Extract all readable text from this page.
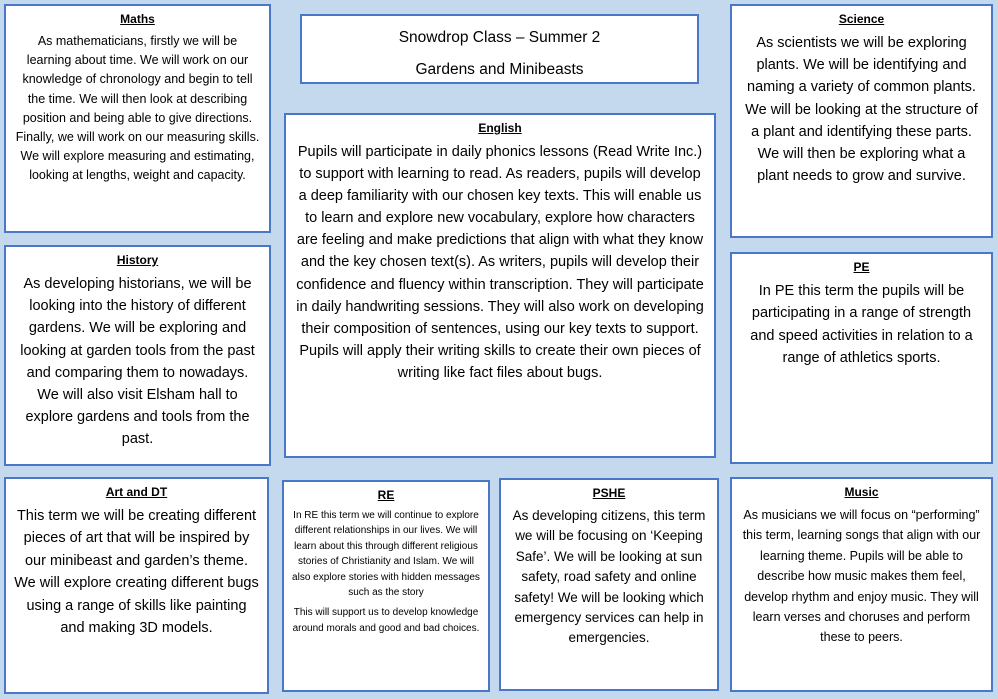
Maths
As mathematicians, firstly we will be learning about time. We will work on our knowledge of chronology and begin to tell the time. We will then look at describing position and being able to give directions. Finally, we will work on our measuring skills. We will explore measuring and estimating, looking at lengths, weight and capacity.
Snowdrop Class – Summer 2
Gardens and Minibeasts
Science
As scientists we will be exploring plants. We will be identifying and naming a variety of common plants. We will be looking at the structure of a plant and identifying these parts. We will then be exploring what a plant needs to grow and survive.
English
Pupils will participate in daily phonics lessons (Read Write Inc.) to support with learning to read. As readers, pupils will develop a deep familiarity with our chosen key texts. This will enable us to learn and explore new vocabulary, explore how characters are feeling and make predictions that align with what they know and the key chosen text(s). As writers, pupils will develop their confidence and fluency within transcription. They will participate in daily handwriting sessions. They will also work on developing their composition of sentences, using our key texts to support. Pupils will apply their writing skills to create their own pieces of writing like fact files about bugs.
History
As developing historians, we will be looking into the history of different gardens. We will be exploring and looking at garden tools from the past and comparing them to nowadays. We will also visit Elsham hall to explore gardens and tools from the past.
PE
In PE this term the pupils will be participating in a range of strength and speed activities in relation to a range of athletics sports.
Art and DT
This term we will be creating different pieces of art that will be inspired by our minibeast and garden’s theme. We will explore creating different bugs using a range of skills like painting and making 3D models.
RE
In RE this term we will continue to explore different relationships in our lives. We will learn about this through different religious stories of Christianity and Islam. We will also explore stories with hidden messages such as the story
This will support us to develop knowledge around morals and good and bad choices.
PSHE
As developing citizens, this term we will be focusing on ‘Keeping Safe’. We will be looking at sun safety, road safety and online safety! We will be looking which emergency services can help in emergencies.
Music
As musicians we will focus on “performing” this term, learning songs that align with our learning theme. Pupils will be able to describe how music makes them feel, develop rhythm and enjoy music. They will learn verses and choruses and perform these to peers.
